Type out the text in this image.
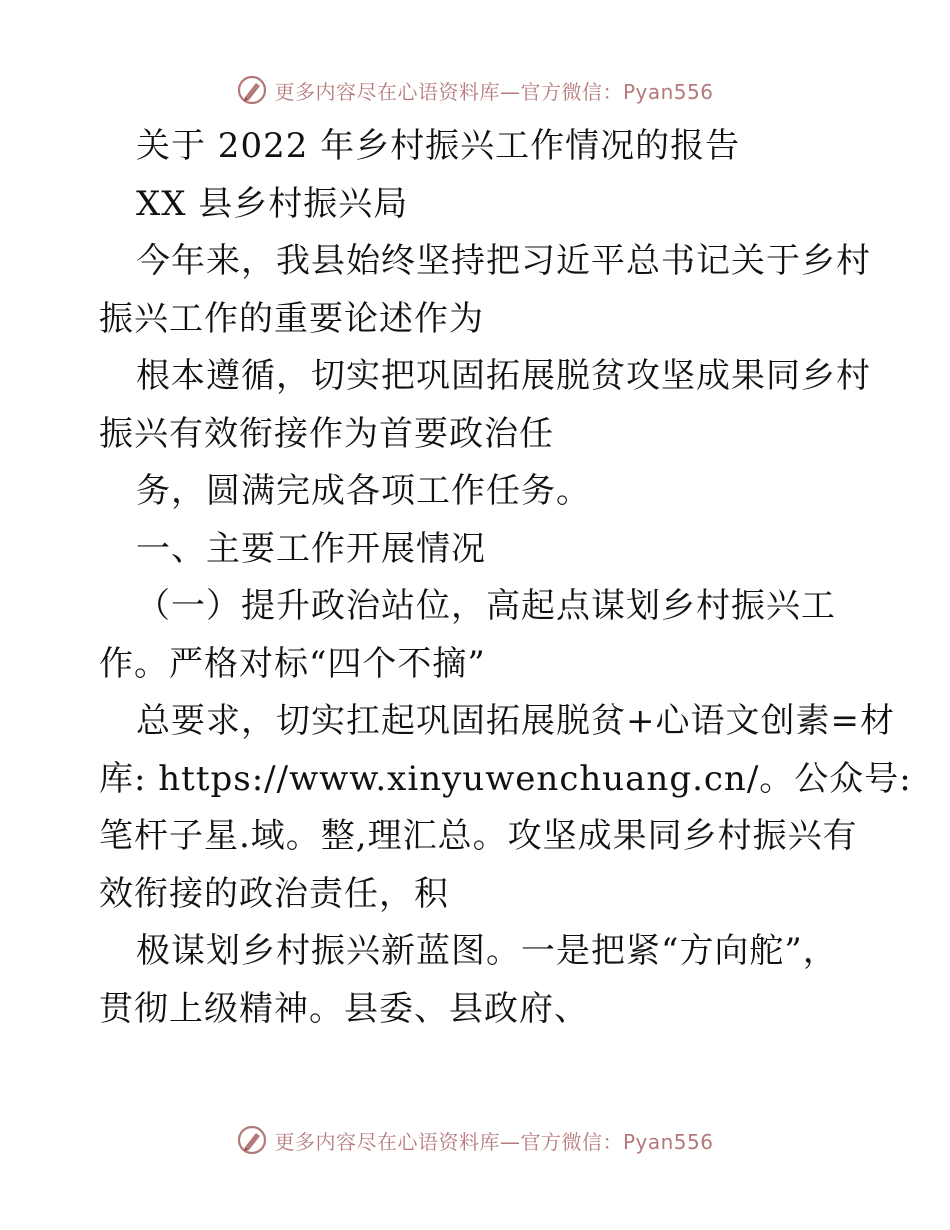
更多内容尽在心语资料库—官方微信：Pyan556
关于 2022 年乡村振兴工作情况的报告
XX 县乡村振兴局
今年来，我县始终坚持把习近平总书记关于乡村
振兴工作的重要论述作为
根本遵循，切实把巩固拓展脱贫攻坚成果同乡村
振兴有效衔接作为首要政治任
务，圆满完成各项工作任务。
一、主要工作开展情况
（一）提升政治站位，高起点谋划乡村振兴工
作。严格对标“四个不摘”
总要求，切实扛起巩固拓展脱贫+心语文创素=材
库: https://www.xinyuwenchuang.cn/。公众号:
笔杆子星.域。整,理汇总。攻坚成果同乡村振兴有
效衔接的政治责任，积
极谋划乡村振兴新蓝图。一是把紧“方向舵”，
贯彻上级精神。县委、县政府、
更多内容尽在心语资料库—官方微信：Pyan556
